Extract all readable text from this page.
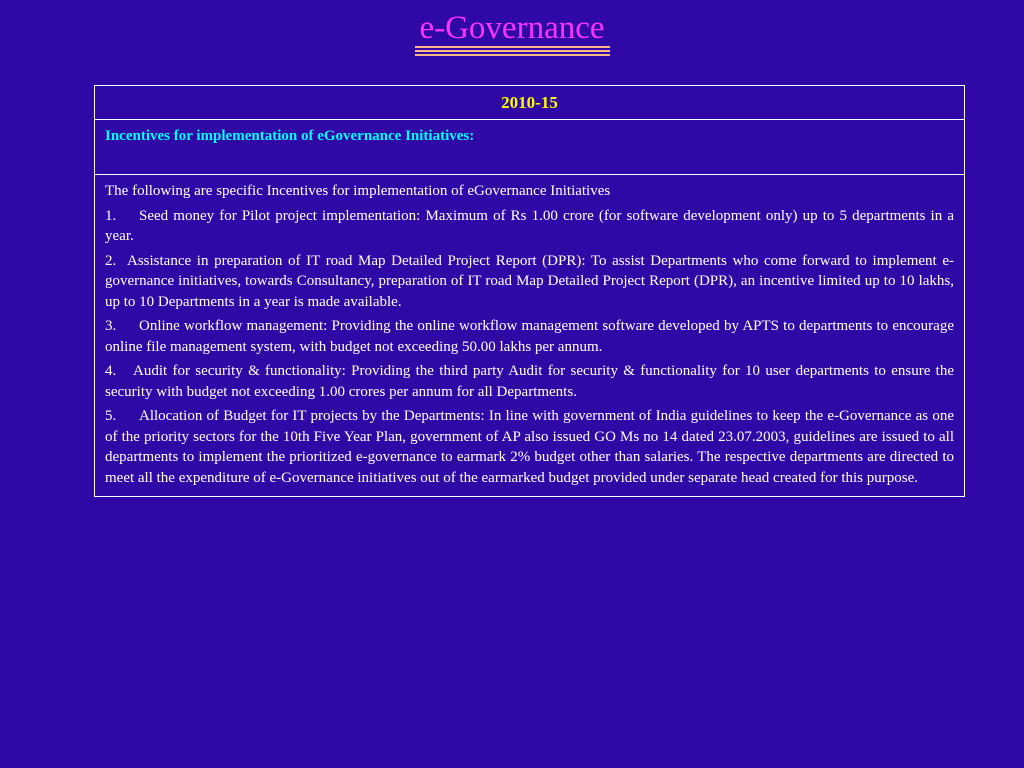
e-Governance
2010-15
Incentives for implementation of eGovernance Initiatives:

The following are specific Incentives for implementation of eGovernance Initiatives

1. Seed money for Pilot project implementation: Maximum of Rs 1.00 crore (for software development only) up to 5 departments in a year.

2. Assistance in preparation of IT road Map Detailed Project Report (DPR): To assist Departments who come forward to implement e-governance initiatives, towards Consultancy, preparation of IT road Map Detailed Project Report (DPR), an incentive limited up to 10 lakhs, up to 10 Departments in a year is made available.

3. Online workflow management: Providing the online workflow management software developed by APTS to departments to encourage online file management system, with budget not exceeding 50.00 lakhs per annum.

4. Audit for security & functionality: Providing the third party Audit for security & functionality for 10 user departments to ensure the security with budget not exceeding 1.00 crores per annum for all Departments.

5. Allocation of Budget for IT projects by the Departments: In line with government of India guidelines to keep the e-Governance as one of the priority sectors for the 10th Five Year Plan, government of AP also issued GO Ms no 14 dated 23.07.2003, guidelines are issued to all departments to implement the prioritized e-governance to earmark 2% budget other than salaries. The respective departments are directed to meet all the expenditure of e-Governance initiatives out of the earmarked budget provided under separate head created for this purpose.
